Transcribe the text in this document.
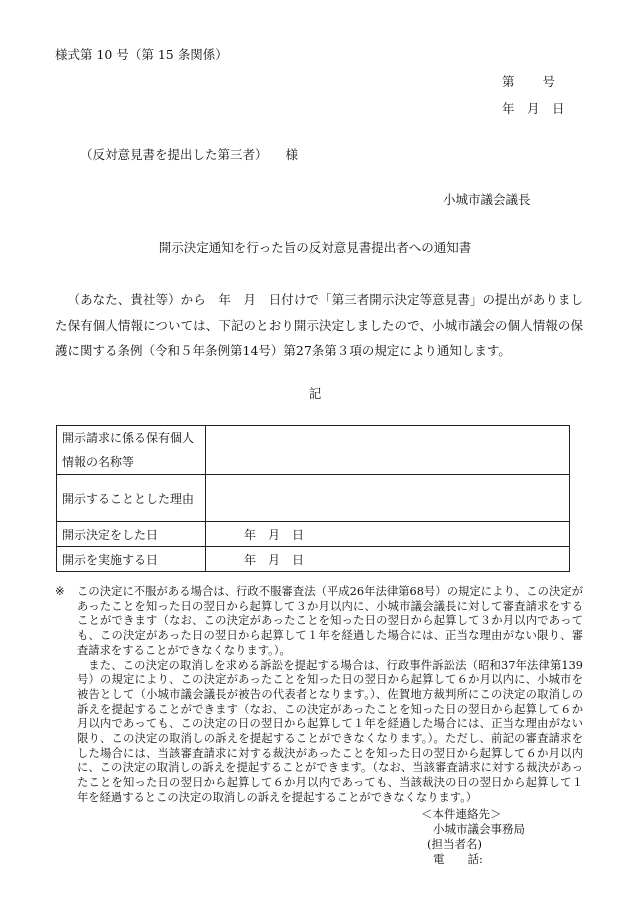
様式第 10 号（第 15 条関係）
第 号
年　月　日
（反対意見書を提出した第三者） 様
小城市議会議長
開示決定通知を行った旨の反対意見書提出者への通知書
（あなた、貴社等）から　年　月　日付けで「第三者開示決定等意見書」の提出がありました保有個人情報については、下記のとおり開示決定しましたので、小城市議会の個人情報の保護に関する条例（令和５年条例第14号）第27条第３項の規定により通知します。
記
開示請求に係る保有個人
情報の名称等	

開示することとした理由	
開示決定をした日	年　月　日
開示を実施する日	年　月　日
※ この決定に不服がある場合は、行政不服審査法（平成26年法律第68号）の規定により、この決定があったことを知った日の翌日から起算して３か月以内に、小城市議会議長に対して審査請求をすることができます（なお、この決定があったことを知った日の翌日から起算して３か月以内であっても、この決定があった日の翌日から起算して１年を経過した場合には、正当な理由がない限り、審査請求をすることができなくなります。）。
また、この決定の取消しを求める訴訟を提起する場合は、行政事件訴訟法（昭和37年法律第139号）の規定により、この決定があったことを知った日の翌日から起算して６か月以内に、小城市を被告として（小城市議会議長が被告の代表者となります。）、佐賀地方裁判所にこの決定の取消しの訴えを提起することができます（なお、この決定があったことを知った日の翌日から起算して６か月以内であっても、この決定の日の翌日から起算して１年を経過した場合には、正当な理由がない限り、この決定の取消しの訴えを提起することができなくなります。）。ただし、前記の審査請求をした場合には、当該審査請求に対する裁決があったことを知った日の翌日から起算して６か月以内に、この決定の取消しの訴えを提起することができます。（なお、当該審査請求に対する裁決があったことを知った日の翌日から起算して６か月以内であっても、当該裁決の日の翌日から起算して１年を経過するとこの決定の取消しの訴えを提起することができなくなります。）
＜本件連絡先＞
小城市議会事務局
(担当者名)
電　　話:
